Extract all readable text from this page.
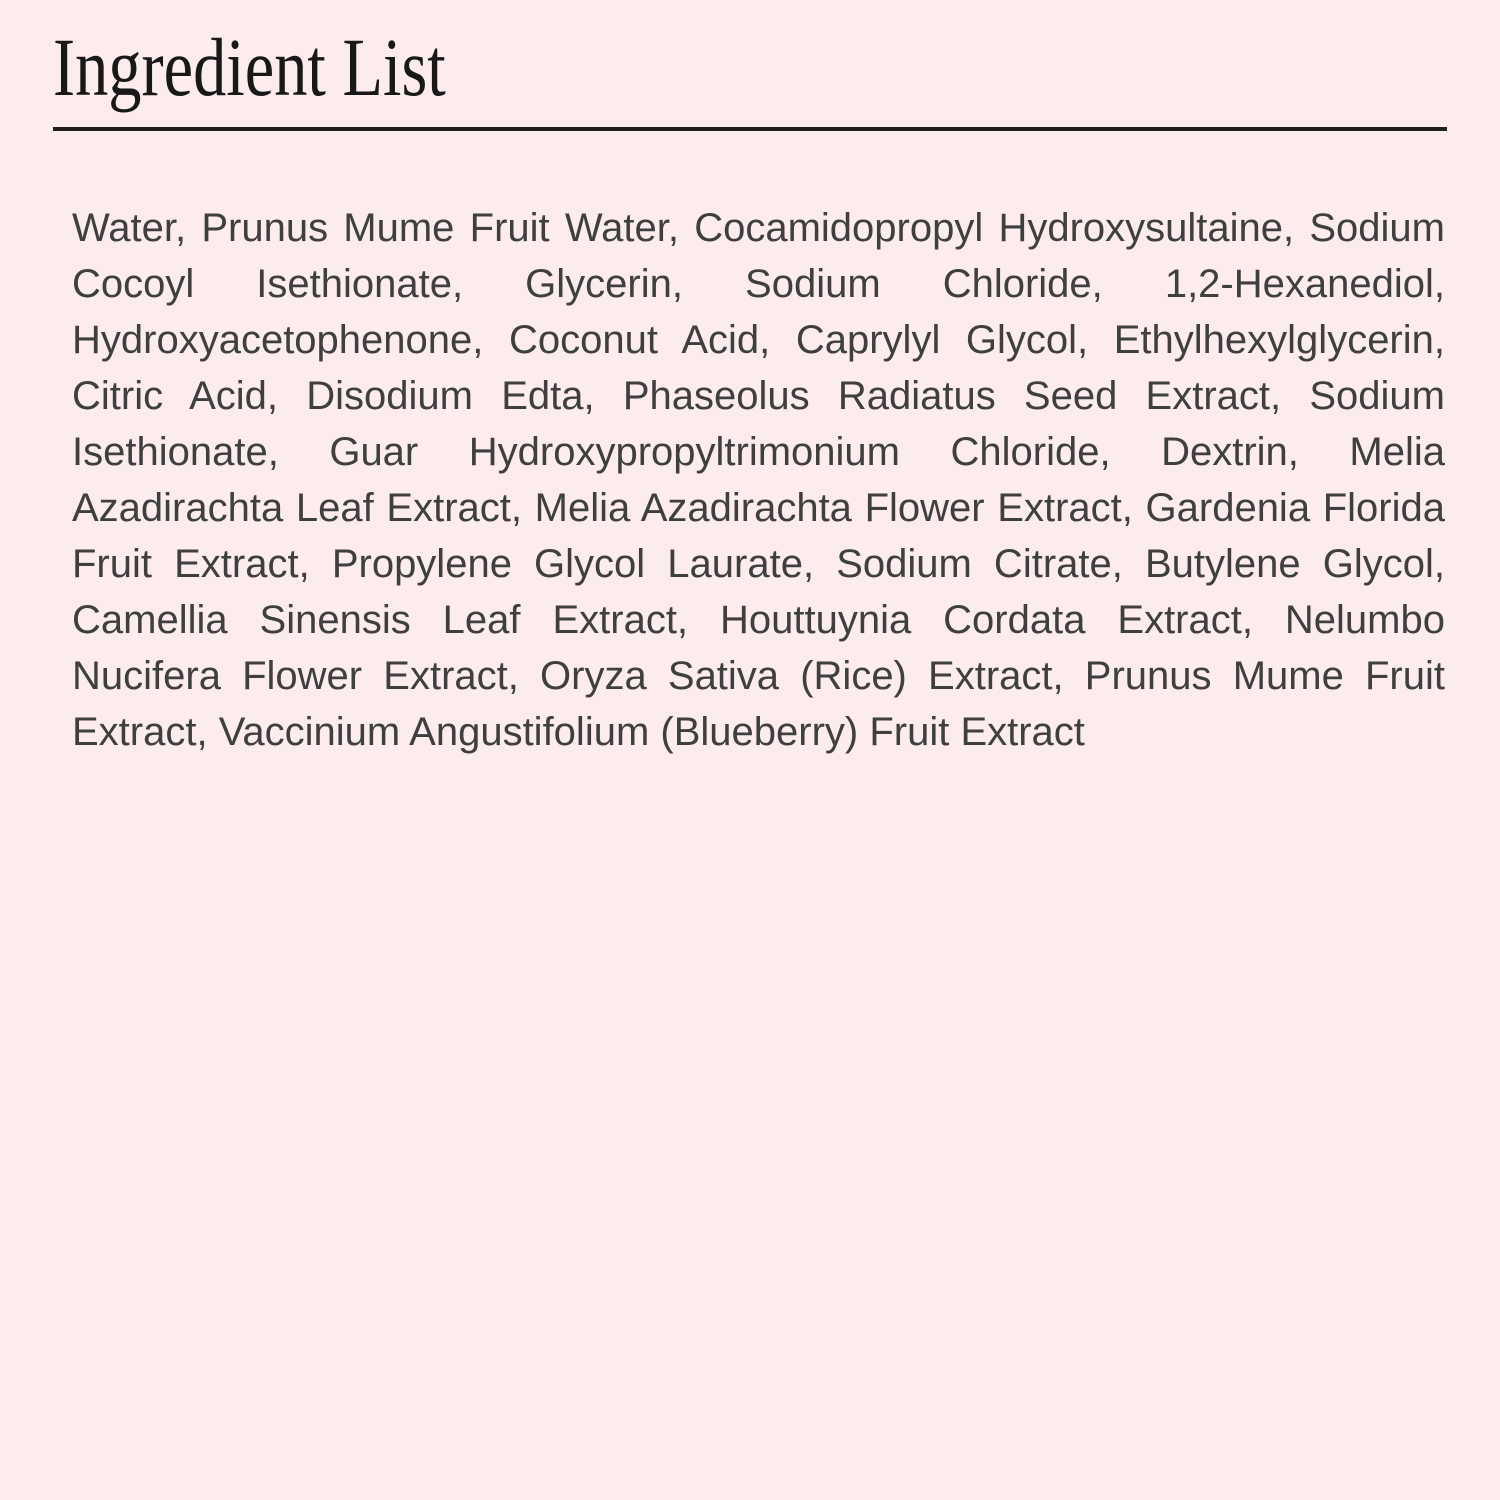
Ingredient List

Water, Prunus Mume Fruit Water, Cocamidopropyl Hydroxysultaine, Sodium Cocoyl Isethionate, Glycerin, Sodium Chloride, 1,2-Hexanediol, Hydroxyacetophenone, Coconut Acid, Caprylyl Glycol, Ethylhexylglycerin, Citric Acid, Disodium Edta, Phaseolus Radiatus Seed Extract, Sodium Isethionate, Guar Hydroxypropyltrimonium Chloride, Dextrin, Melia Azadirachta Leaf Extract, Melia Azadirachta Flower Extract, Gardenia Florida Fruit Extract, Propylene Glycol Laurate, Sodium Citrate, Butylene Glycol, Camellia Sinensis Leaf Extract, Houttuynia Cordata Extract, Nelumbo Nucifera Flower Extract, Oryza Sativa (Rice) Extract, Prunus Mume Fruit Extract, Vaccinium Angustifolium (Blueberry) Fruit Extract
